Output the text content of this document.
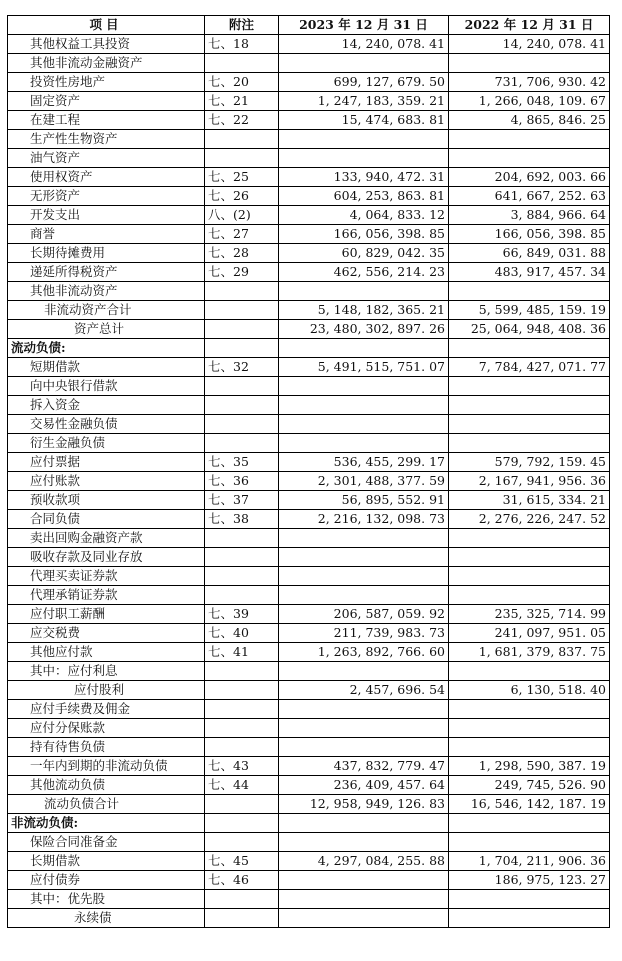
项目	附注	2023 年 12 月 31 日	2022 年 12 月 31 日
其他权益工具投资	七、18	14, 240, 078. 41	14, 240, 078. 41
其他非流动金融资产			
投资性房地产	七、20	699, 127, 679. 50	731, 706, 930. 42
固定资产	七、21	1, 247, 183, 359. 21	1, 266, 048, 109. 67
在建工程	七、22	15, 474, 683. 81	4, 865, 846. 25
生产性生物资产			
油气资产			
使用权资产	七、25	133, 940, 472. 31	204, 692, 003. 66
无形资产	七、26	604, 253, 863. 81	641, 667, 252. 63
开发支出	八、(2)	4, 064, 833. 12	3, 884, 966. 64
商誉	七、27	166, 056, 398. 85	166, 056, 398. 85
长期待摊费用	七、28	60, 829, 042. 35	66, 849, 031. 88
递延所得税资产	七、29	462, 556, 214. 23	483, 917, 457. 34
其他非流动资产			
非流动资产合计		5, 148, 182, 365. 21	5, 599, 485, 159. 19
资产总计		23, 480, 302, 897. 26	25, 064, 948, 408. 36
流动负债:			
短期借款	七、32	5, 491, 515, 751. 07	7, 784, 427, 071. 77
向中央银行借款			
拆入资金			
交易性金融负债			
衍生金融负债			
应付票据	七、35	536, 455, 299. 17	579, 792, 159. 45
应付账款	七、36	2, 301, 488, 377. 59	2, 167, 941, 956. 36
预收款项	七、37	56, 895, 552. 91	31, 615, 334. 21
合同负债	七、38	2, 216, 132, 098. 73	2, 276, 226, 247. 52
卖出回购金融资产款			
吸收存款及同业存放			
代理买卖证券款			
代理承销证券款			
应付职工薪酬	七、39	206, 587, 059. 92	235, 325, 714. 99
应交税费	七、40	211, 739, 983. 73	241, 097, 951. 05
其他应付款	七、41	1, 263, 892, 766. 60	1, 681, 379, 837. 75
其中：应付利息			
应付股利		2, 457, 696. 54	6, 130, 518. 40
应付手续费及佣金			
应付分保账款			
持有待售负债			
一年内到期的非流动负债	七、43	437, 832, 779. 47	1, 298, 590, 387. 19
其他流动负债	七、44	236, 409, 457. 64	249, 745, 526. 90
流动负债合计		12, 958, 949, 126. 83	16, 546, 142, 187. 19
非流动负债:			
保险合同准备金			
长期借款	七、45	4, 297, 084, 255. 88	1, 704, 211, 906. 36
应付债券	七、46		186, 975, 123. 27
其中：优先股			
永续债			
